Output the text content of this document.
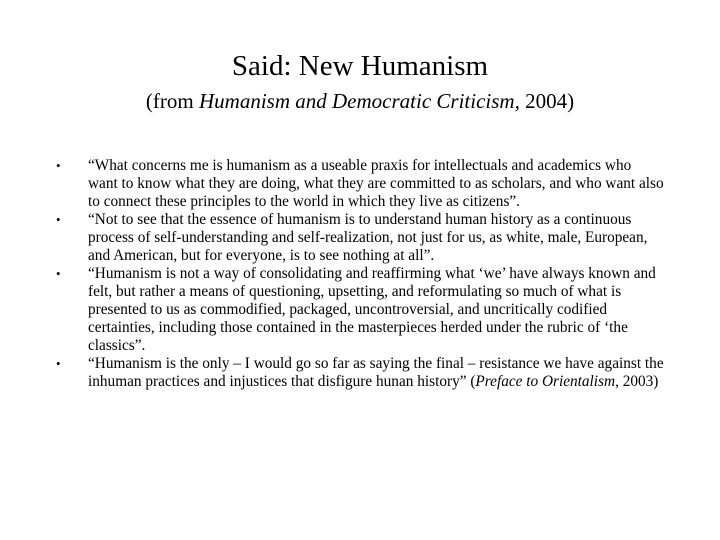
Said: New Humanism
(from Humanism and Democratic Criticism, 2004)
• “What concerns me is humanism as a useable praxis for intellectuals and academics who want to know what they are doing, what they are committed to as scholars, and who want also to connect these principles to the world in which they live as citizens”.
• “Not to see that the essence of humanism is to understand human history as a continuous process of self-understanding and self-realization, not just for us, as white, male, European, and American, but for everyone, is to see nothing at all”.
• “Humanism is not a way of consolidating and reaffirming what ‘we’ have always known and felt, but rather a means of questioning, upsetting, and reformulating so much of what is presented to us as commodified, packaged, uncontroversial, and uncritically codified certainties, including those contained in the masterpieces herded under the rubric of ‘the classics”.
• “Humanism is the only – I would go so far as saying the final – resistance we have against the inhuman practices and injustices that disfigure hunan history” (Preface to Orientalism, 2003)
